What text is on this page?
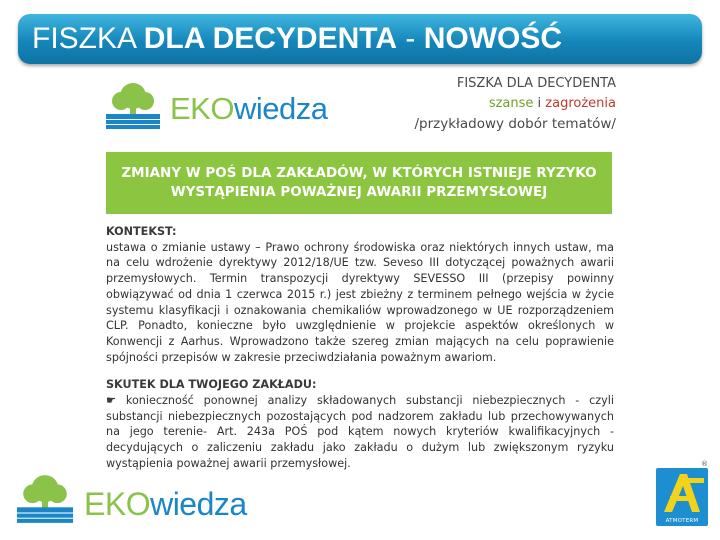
FISZKA DLA DECYDENTA - NOWOŚĆ
EKOwiedza
FISZKA DLA DECYDENTA
szanse i zagrożenia
/przykładowy dobór tematów/
ZMIANY W POŚ DLA ZAKŁADÓW, W KTÓRYCH ISTNIEJE RYZYKO WYSTĄPIENIA POWAŻNEJ AWARII PRZEMYSŁOWEJ

KONTEKST:

ustawa o zmianie ustawy – Prawo ochrony środowiska oraz niektórych innych ustaw, ma na celu wdrożenie dyrektywy 2012/18/UE tzw. Seveso III dotyczącej poważnych awarii przemysłowych. Termin transpozycji dyrektywy SEVESSO III (przepisy powinny obwiązywać od dnia 1 czerwca 2015 r.) jest zbieżny z terminem pełnego wejścia w życie systemu klasyfikacji i oznakowania chemikaliów wprowadzonego w UE rozporządzeniem CLP. Ponadto, konieczne było uwzględnienie w projekcie aspektów określonych w Konwencji z Aarhus. Wprowadzono także szereg zmian mających na celu poprawienie spójności przepisów w zakresie przeciwdziałania poważnym awariom.

SKUTEK DLA TWOJEGO ZAKŁADU:

☛ konieczność ponownej analizy składowanych substancji niebezpiecznych - czyli substancji niebezpiecznych pozostających pod nadzorem zakładu lub przechowywanych na jego terenie- Art. 243a POŚ pod kątem nowych kryteriów kwalifikacyjnych - decydujących o zaliczeniu zakładu jako zakładu o dużym lub zwiększonym ryzyku wystąpienia poważnej awarii przemysłowej.

EKOwiedza
®
ATMOTERM
